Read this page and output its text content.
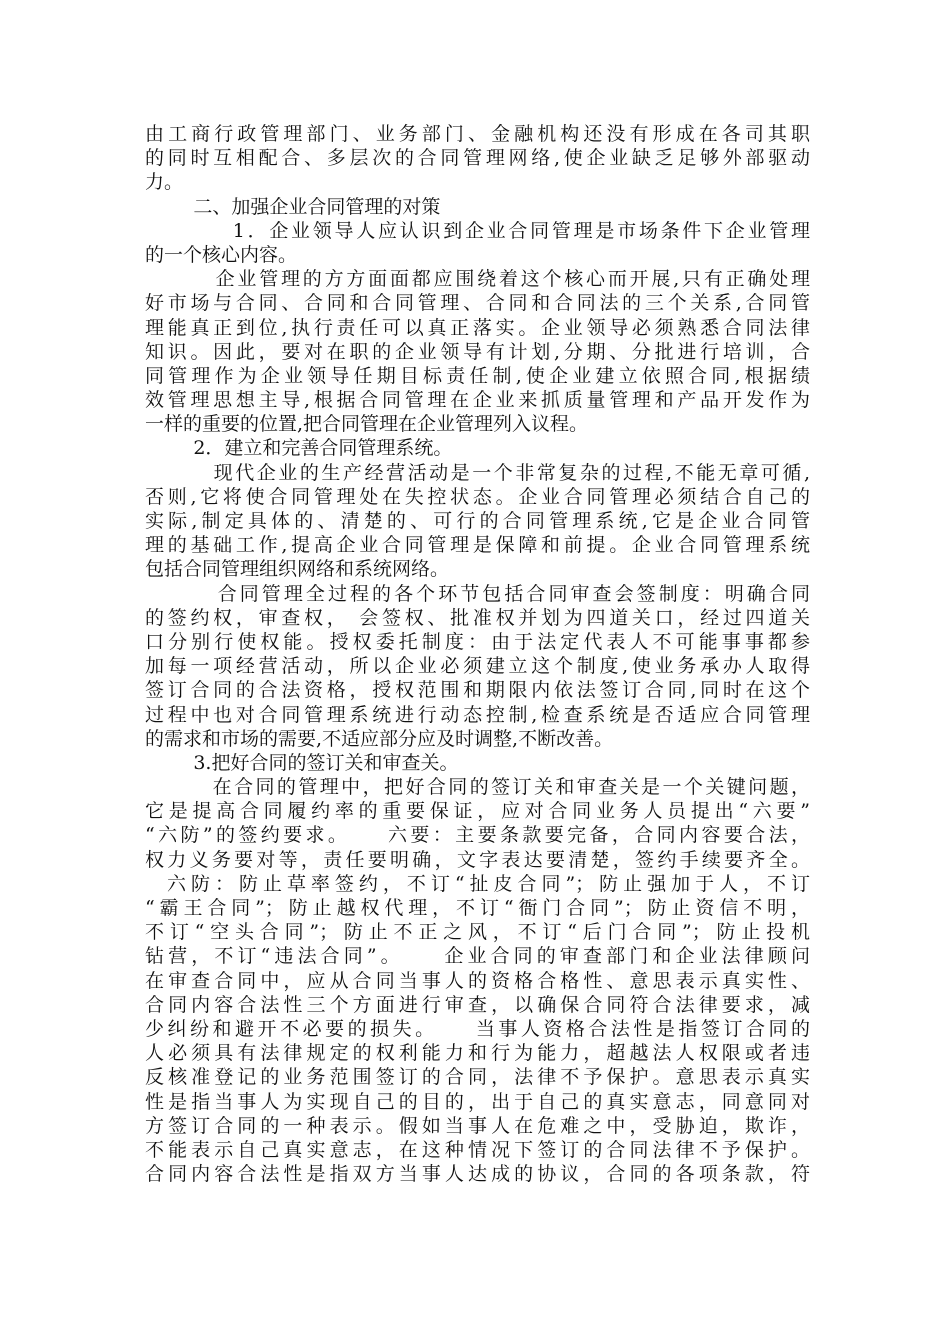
由工商行政管理部门、业务部门、金融机构还没有形成在各司其职
的同时互相配合、多层次的合同管理网络,使企业缺乏足够外部驱动
力。
二、加强企业合同管理的对策
1．企业领导人应认识到企业合同管理是市场条件下企业管理
的一个核心内容。
企业管理的方方面面都应围绕着这个核心而开展,只有正确处理
好市场与合同、合同和合同管理、合同和合同法的三个关系,合同管
理能真正到位,执行责任可以真正落实。企业领导必须熟悉合同法律
知识。因此，要对在职的企业领导有计划,分期、分批进行培训，合
同管理作为企业领导任期目标责任制,使企业建立依照合同,根据绩
效管理思想主导,根据合同管理在企业来抓质量管理和产品开发作为
一样的重要的位置,把合同管理在企业管理列入议程。
2．建立和完善合同管理系统。
现代企业的生产经营活动是一个非常复杂的过程,不能无章可循,
否则,它将使合同管理处在失控状态。企业合同管理必须结合自己的
实际,制定具体的、清楚的、可行的合同管理系统,它是企业合同管
理的基础工作,提高企业合同管理是保障和前提。企业合同管理系统
包括合同管理组织网络和系统网络。
合同管理全过程的各个环节包括合同审查会签制度：明确合同
的签约权，审查权， 会签权、批准权并划为四道关口，经过四道关
口分别行使权能。授权委托制度：由于法定代表人不可能事事都参
加每一项经营活动，所以企业必须建立这个制度,使业务承办人取得
签订合同的合法资格，授权范围和期限内依法签订合同,同时在这个
过程中也对合同管理系统进行动态控制,检查系统是否适应合同管理
的需求和市场的需要,不适应部分应及时调整,不断改善。
3.把好合同的签订关和审查关。
在合同的管理中，把好合同的签订关和审查关是一个关键问题，
它是提高合同履约率的重要保证，应对合同业务人员提出“六要”
“六防”的签约要求。    六要：主要条款要完备，合同内容要合法，
权力义务要对等，责任要明确，文字表达要清楚，签约手续要齐全。
六防：防止草率签约，不订“扯皮合同”；防止强加于人，不订
“霸王合同”；防止越权代理，不订“衙门合同”；防止资信不明，
不订“空头合同”；防止不正之风，不订“后门合同”；防止投机
钻营，不订“违法合同”。    企业合同的审查部门和企业法律顾问
在审查合同中，应从合同当事人的资格合格性、意思表示真实性、
合同内容合法性三个方面进行审查，以确保合同符合法律要求，减
少纠纷和避开不必要的损失。    当事人资格合法性是指签订合同的
人必须具有法律规定的权利能力和行为能力，超越法人权限或者违
反核准登记的业务范围签订的合同，法律不予保护。意思表示真实
性是指当事人为实现自己的目的，出于自己的真实意志，同意同对
方签订合同的一种表示。假如当事人在危难之中，受胁迫，欺诈，
不能表示自己真实意志，在这种情况下签订的合同法律不予保护。
合同内容合法性是指双方当事人达成的协议，合同的各项条款，符
